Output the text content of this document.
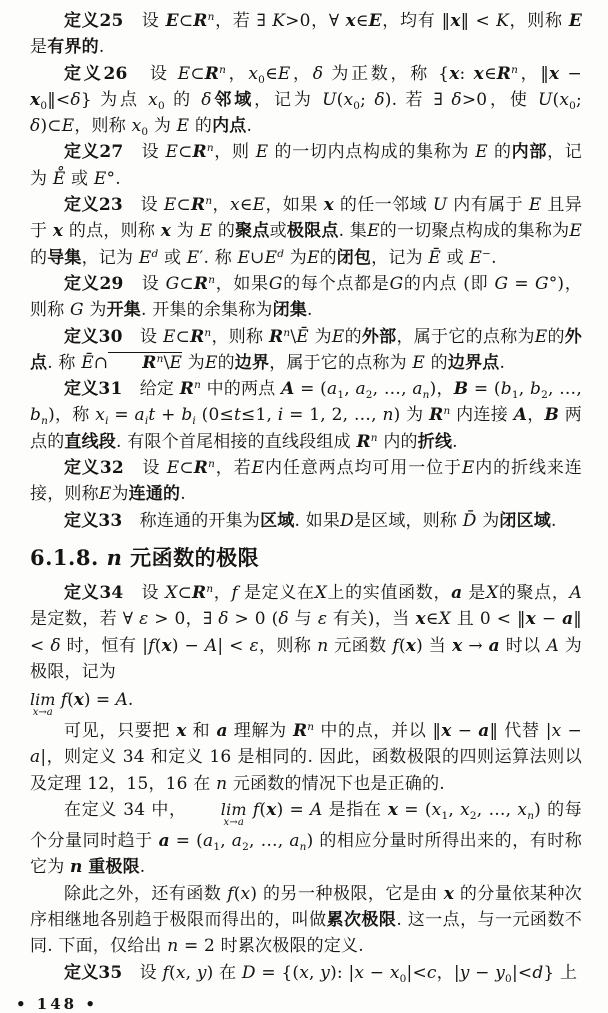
定义25　设 $E\subset R^n$，若 ∃ K>0，∀ x∈E，均有 ‖x‖ < K，则称 E 是有界的.

定义26　设 $E\subset R^n$，$x_0\in E$，δ 为正数，称 {x: $x\in R^n$，‖x − $x_0‖<\delta$} 为点 $x_0$ 的 δ邻域，记为 $U(x_0$; δ). 若 ∃ δ>0，使 $U(x_0$; δ)⊂E，则称 $x_0$ 为 E 的内点.

定义27　设 $E\subset R^n$，则 E 的一切内点构成的集称为 E 的内部，记为 E̊ 或 E°.

定义23　设 $E\subset R^n$，x∈E，如果 x 的任一邻域 U 内有属于 E 且异于 x 的点，则称 x 为 E 的聚点或极限点. 集E的一切聚点构成的集称为E的导集，记为 $E^d$ 或 E′. 称 $E\cup E^d$ 为E的闭包，记为 Ē 或 E−.

定义29　设 $G\subset R^n$，如果G的每个点都是G的内点 (即 G = G°)，则称 G 为开集. 开集的余集称为闭集.

定义30　设 $E\subset R^n$，则称 $R^n\backslash Ē$ 为E的外部，属于它的点称为E的外点. 称 Ē∩ $R^n\backslash E$ 为E的边界，属于它的点称为 E 的边界点.

定义31　给定 $R^n$ 中的两点 $A = (a_1$, $a_2$, …, $a_n$)，$B = (b_1$, $b_2$, …, $b_n$)，称 $x_i = a_it + b_i$ (0≤t≤1, i = 1, 2, …, n) 为 $R^n$ 内连接 A，B 两点的直线段. 有限个首尾相接的直线段组成 $R^n$ 内的折线.

定义32　设 $E\subset R^n$，若E内任意两点均可用一位于E内的折线来连接，则称E为连通的.

定义33　称连通的开集为区域. 如果D是区域，则称 D̄ 为闭区域.

6.1.8. n 元函数的极限

定义34　设 $X\subset R^n$，f 是定义在X上的实值函数，a 是X的聚点，A是定数，若 ∀ ε > 0，∃ δ > 0 (δ 与 ε 有关)，当 x∈X 且 0 < ‖x − a‖ < δ 时，恒有 |f(x) − A| < ε，则称 n 元函数 f(x) 当 x → a 时以 A 为极限，记为

lim
x→a
f(x) = A.

可见，只要把 x 和 a 理解为 $R^n$ 中的点，并以 ‖x − a‖ 代替 |x − a|，则定义 34 和定义 16 是相同的. 因此，函数极限的四则运算法则以及定理 12，15，16 在 n 元函数的情况下也是正确的.

在定义 34 中，	lim
x→a
f(x) = A 是指在 $x = (x_1$, $x_2$, …, $x_n$) 的每个分量同时趋于 $a = (a_1$, $a_2$, …, $a_n$) 的相应分量时所得出来的，有时称它为 n 重极限.

除此之外，还有函数 f(x) 的另一种极限，它是由 x 的分量依某种次序相继地各别趋于极限而得出的，叫做累次极限. 这一点，与一元函数不同. 下面，仅给出 n = 2 时累次极限的定义.

定义35　设 f(x, y) 在 D = {(x, y): $|x - x_0|<c$，$|y - y_0|<d$} 上

• 148 •
